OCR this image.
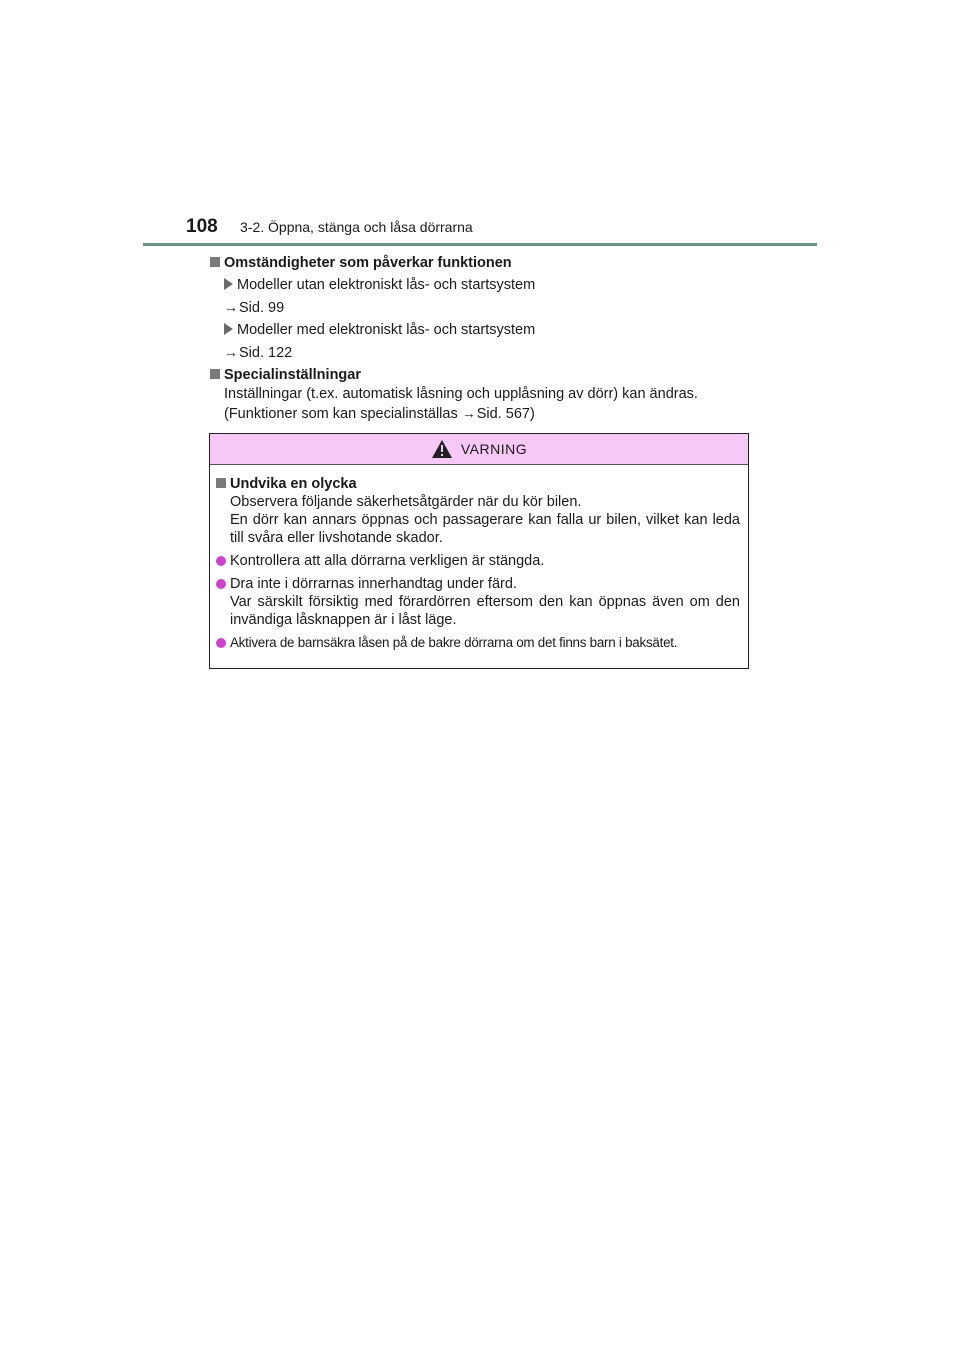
108	3-2. Öppna, stänga och låsa dörrarna
Omständigheter som påverkar funktionen
Modeller utan elektroniskt lås- och startsystem
→Sid. 99
Modeller med elektroniskt lås- och startsystem
→Sid. 122
Specialinställningar
Inställningar (t.ex. automatisk låsning och upplåsning av dörr) kan ändras.
(Funktioner som kan specialinställas →Sid. 567)
VARNING
Undvika en olycka
Observera följande säkerhetsåtgärder när du kör bilen.
En dörr kan annars öppnas och passagerare kan falla ur bilen, vilket kan leda till svåra eller livshotande skador.
Kontrollera att alla dörrarna verkligen är stängda.
Dra inte i dörrarnas innerhandtag under färd.
Var särskilt försiktig med förardörren eftersom den kan öppnas även om den invändiga låsknappen är i låst läge.
Aktivera de barnsäkra låsen på de bakre dörrarna om det finns barn i baksätet.
